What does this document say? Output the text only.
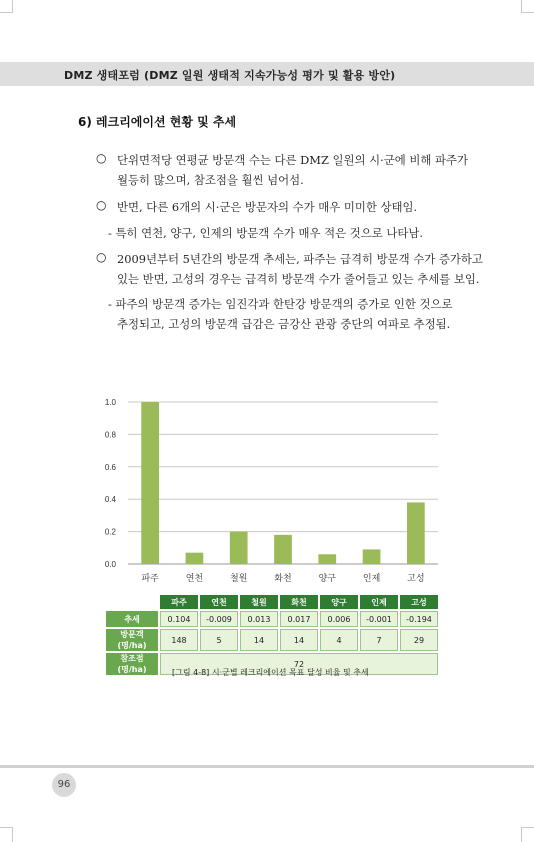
DMZ 생태포럼 (DMZ 일원 생태적 지속가능성 평가 및 활용 방안)
6) 레크리에이션 현황 및 추세
○ 단위면적당 연평균 방문객 수는 다른 DMZ 일원의 시·군에 비해 파주가
월등히 많으며, 참조점을 훨씬 넘어섬.
○ 반면, 다른 6개의 시·군은 방문자의 수가 매우 미미한 상태임.
- 특히 연천, 양구, 인제의 방문객 수가 매우 적은 것으로 나타남.
○ 2009년부터 5년간의 방문객 추세는, 파주는 급격히 방문객 수가 증가하고
있는 반면, 고성의 경우는 급격히 방문객 수가 줄어들고 있는 추세를 보임.
- 파주의 방문객 증가는 임진각과 한탄강 방문객의 증가로 인한 것으로
추정되고, 고성의 방문객 급감은 금강산 관광 중단의 여파로 추정됨.
0.0
0.2
0.4
0.6
0.8
1.0
파주	연천	철원	화천	양구	인제	고성
	파주	연천	철원	화천	양구	인제	고성
추세	0.104	-0.009	0.013	0.017	0.006	-0.001	-0.194
방문객 (명/ha)	148	5	14	14	4	7	29
참조점(명/ha)	72						
[그림 4-8] 시·군별 레크리에이션 목표 달성 비율 및 추세
96
